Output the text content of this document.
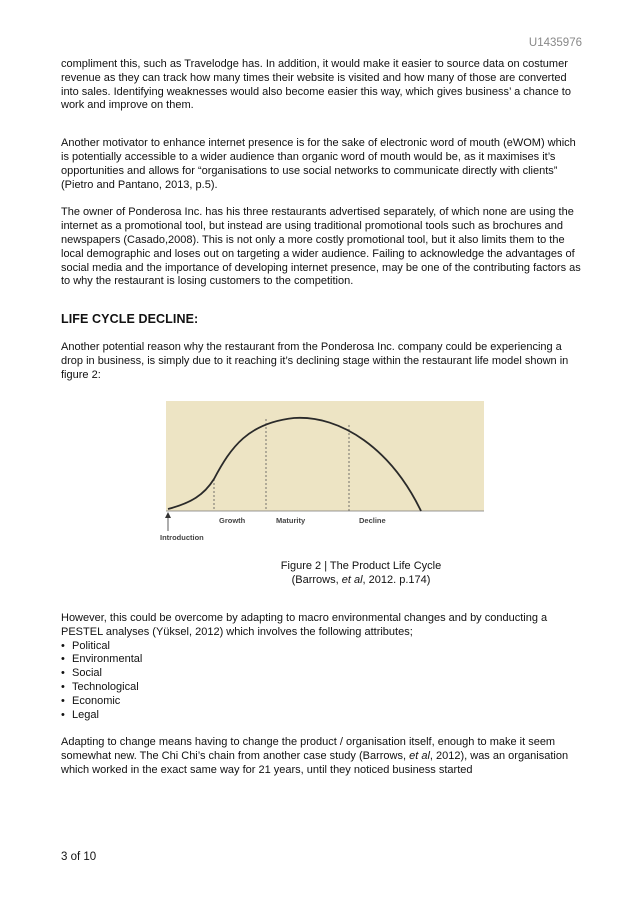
U1435976

compliment this, such as Travelodge has. In addition, it would make it easier to source data on costumer revenue as they can track how many times their website is visited and how many of those are converted into sales. Identifying weaknesses would also become easier this way, which gives business’ a chance to work and improve on them.

Another motivator to enhance internet presence is for the sake of electronic word of mouth (eWOM) which is potentially accessible to a wider audience than organic word of mouth would be, as it maximises it’s opportunities and allows for “organisations to use social networks to communicate directly with clients” (Pietro and Pantano, 2013, p.5).

The owner of Ponderosa Inc. has his three restaurants advertised separately, of which none are using the internet as a promotional tool, but instead are using traditional promotional tools such as brochures and newspapers (Casado,2008). This is not only a more costly promotional tool, but it also limits them to the local demographic and loses out on targeting a wider audience. Failing to acknowledge the advantages of social media and the importance of developing internet presence, may be one of the contributing factors as to why the restaurant is losing customers to the competition.

LIFE CYCLE DECLINE:

Another potential reason why the restaurant from the Ponderosa Inc. company could be experiencing a drop in business, is simply due to it reaching it’s declining stage within the restaurant life model shown in figure 2:

Growth	Maturity	Decline
Introduction
Figure 2 | The Product Life Cycle
(Barrows, et al, 2012. p.174)

However, this could be overcome by adapting to macro environmental changes and by conducting a PESTEL analyses (Yüksel, 2012) which involves the following attributes;

• Political
• Environmental
• Social
• Technological
• Economic
• Legal

Adapting to change means having to change the product / organisation itself, enough to make it seem somewhat new. The Chi Chi’s chain from another case study (Barrows, et al, 2012), was an organisation which worked in the exact same way for 21 years, until they noticed business started

3 of 10
